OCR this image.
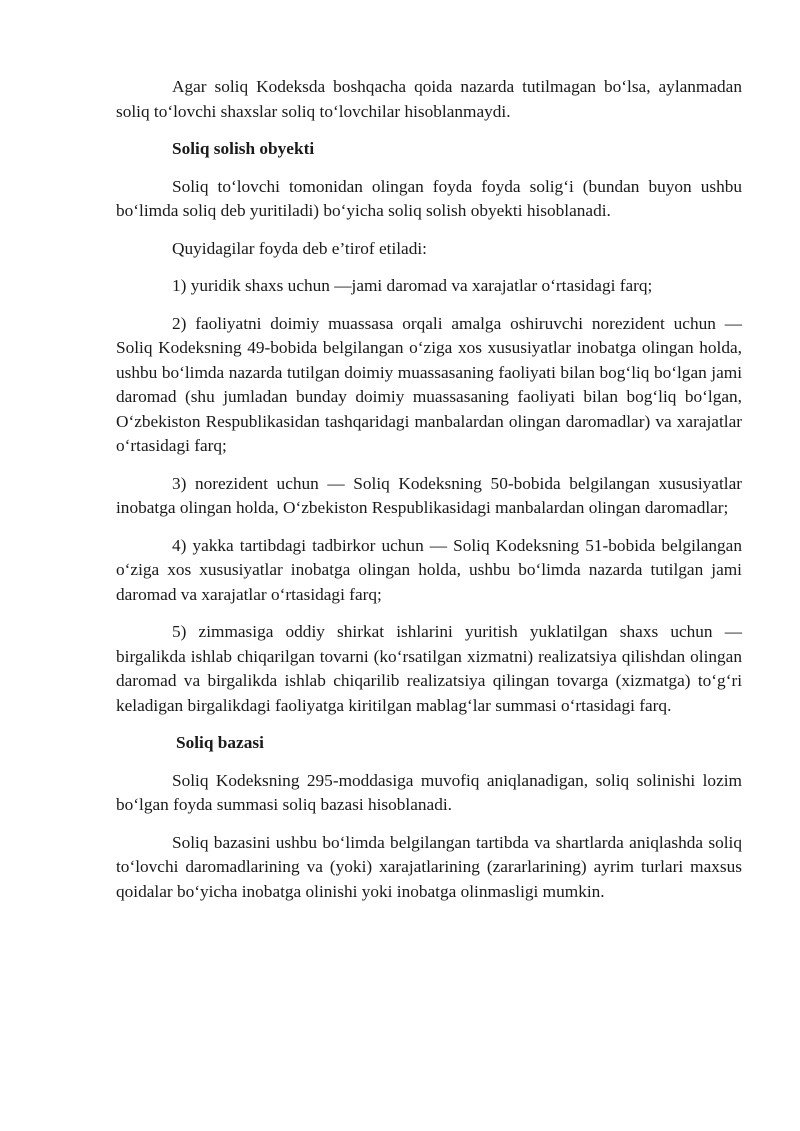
Agar soliq Kodeksda boshqacha qoida nazarda tutilmagan bo‘lsa, aylanmadan soliq to‘lovchi shaxslar soliq to‘lovchilar hisoblanmaydi.

Soliq solish obyekti

Soliq to‘lovchi tomonidan olingan foyda foyda solig‘i (bundan buyon ushbu bo‘limda soliq deb yuritiladi) bo‘yicha soliq solish obyekti hisoblanadi.

Quyidagilar foyda deb e’tirof etiladi:

1) yuridik shaxs uchun —jami daromad va xarajatlar o‘rtasidagi farq;

2) faoliyatni doimiy muassasa orqali amalga oshiruvchi norezident uchun — Soliq Kodeksning 49-bobida belgilangan o‘ziga xos xususiyatlar inobatga olingan holda, ushbu bo‘limda nazarda tutilgan doimiy muassasaning faoliyati bilan bog‘liq bo‘lgan jami daromad (shu jumladan bunday doimiy muassasaning faoliyati bilan bog‘liq bo‘lgan, O‘zbekiston Respublikasidan tashqaridagi manbalardan olingan daromadlar) va xarajatlar o‘rtasidagi farq;

3) norezident uchun — Soliq Kodeksning 50-bobida belgilangan xususiyatlar inobatga olingan holda, O‘zbekiston Respublikasidagi manbalardan olingan daromadlar;

4) yakka tartibdagi tadbirkor uchun — Soliq Kodeksning 51-bobida belgilangan o‘ziga xos xususiyatlar inobatga olingan holda, ushbu bo‘limda nazarda tutilgan jami daromad va xarajatlar o‘rtasidagi farq;

5) zimmasiga oddiy shirkat ishlarini yuritish yuklatilgan shaxs uchun — birgalikda ishlab chiqarilgan tovarni (ko‘rsatilgan xizmatni) realizatsiya qilishdan olingan daromad va birgalikda ishlab chiqarilib realizatsiya qilingan tovarga (xizmatga) to‘g‘ri keladigan birgalikdagi faoliyatga kiritilgan mablag‘lar summasi o‘rtasidagi farq.

Soliq bazasi

Soliq Kodeksning 295-moddasiga muvofiq aniqlanadigan, soliq solinishi lozim bo‘lgan foyda summasi soliq bazasi hisoblanadi.

Soliq bazasini ushbu bo‘limda belgilangan tartibda va shartlarda aniqlashda soliq to‘lovchi daromadlarining va (yoki) xarajatlarining (zararlarining) ayrim turlari maxsus qoidalar bo‘yicha inobatga olinishi yoki inobatga olinmasligi mumkin.
